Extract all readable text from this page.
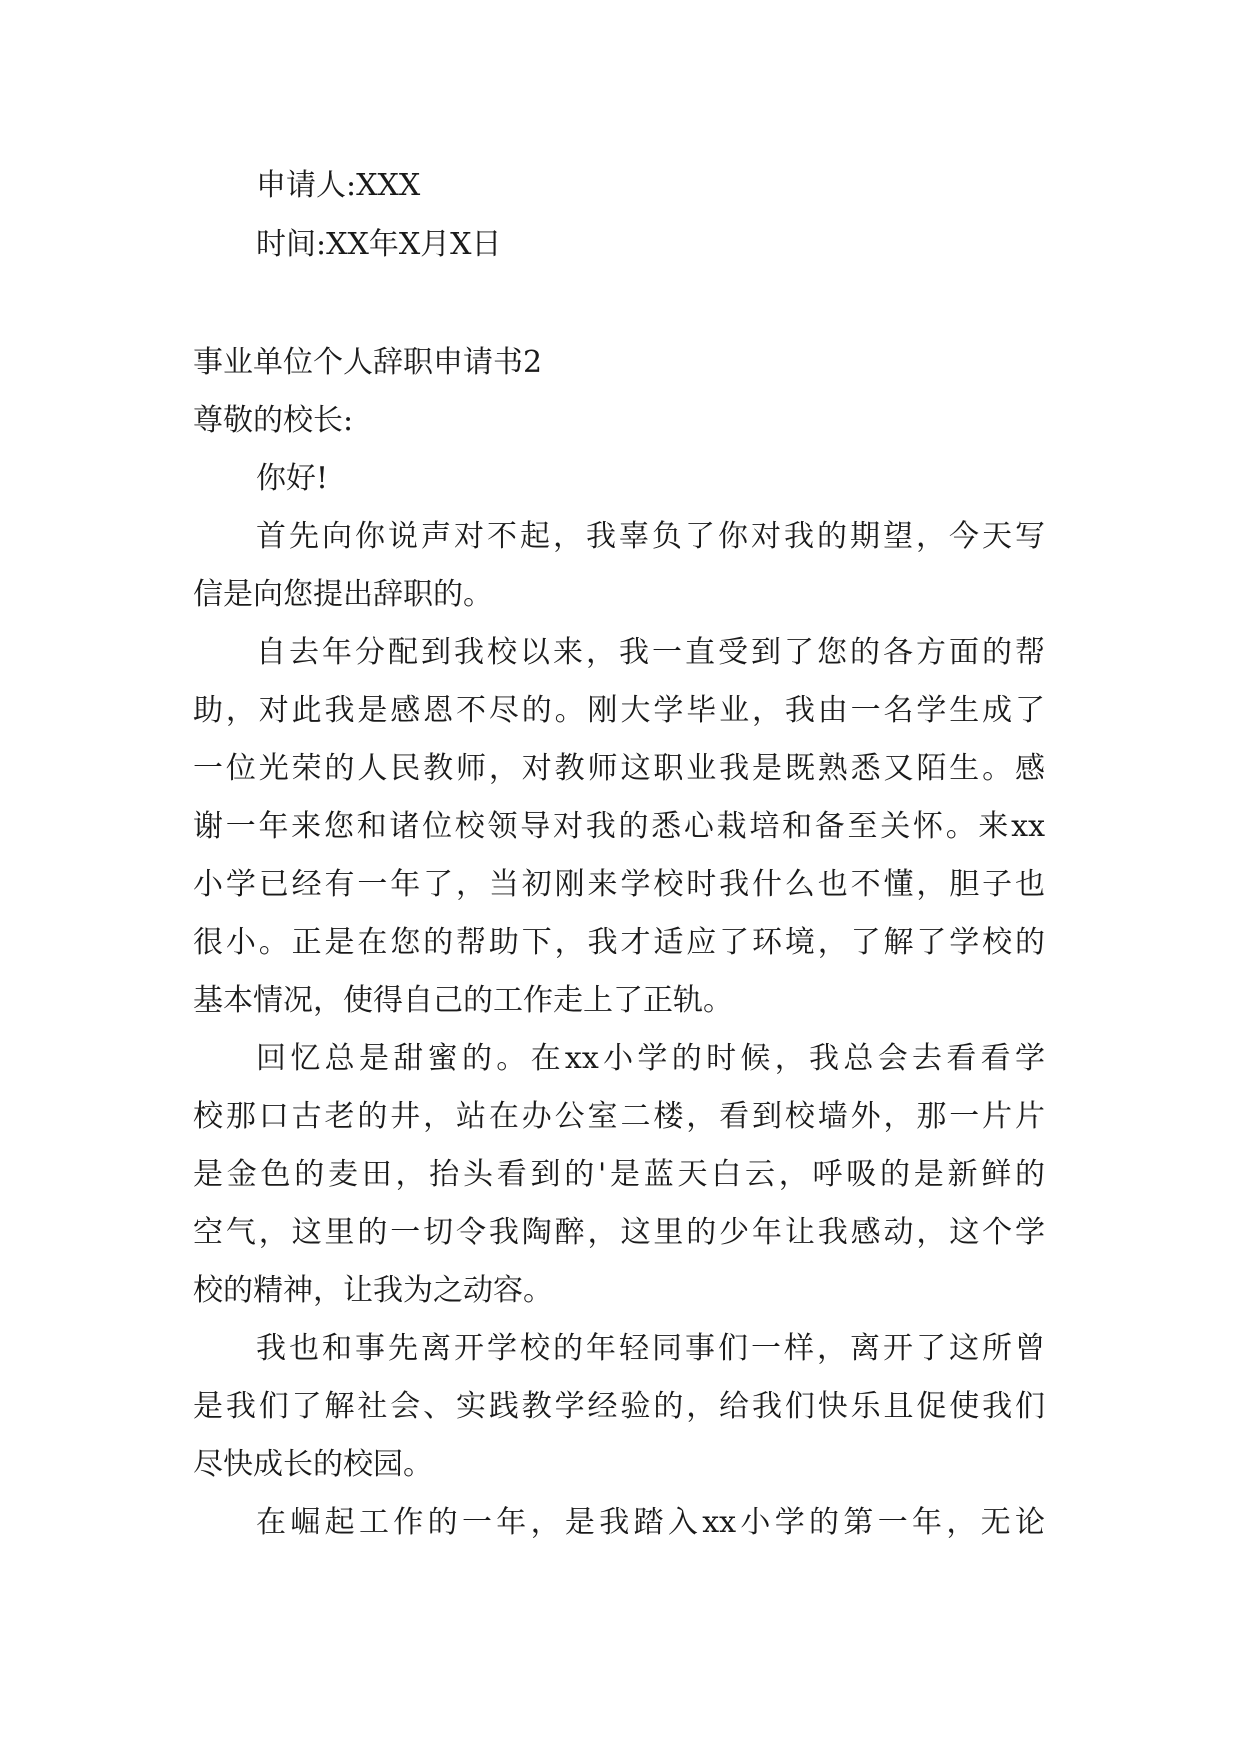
申请人:XXX
时间:XX年X月X日
事业单位个人辞职申请书2
尊敬的校长:
你好!
首先向你说声对不起，我辜负了你对我的期望，今天写
信是向您提出辞职的。
自去年分配到我校以来，我一直受到了您的各方面的帮
助，对此我是感恩不尽的。刚大学毕业，我由一名学生成了
一位光荣的人民教师，对教师这职业我是既熟悉又陌生。感
谢一年来您和诸位校领导对我的悉心栽培和备至关怀。来xx
小学已经有一年了，当初刚来学校时我什么也不懂，胆子也
很小。正是在您的帮助下，我才适应了环境，了解了学校的
基本情况，使得自己的工作走上了正轨。
回忆总是甜蜜的。在xx小学的时候，我总会去看看学
校那口古老的井，站在办公室二楼，看到校墙外，那一片片
是金色的麦田，抬头看到的'是蓝天白云，呼吸的是新鲜的
空气，这里的一切令我陶醉，这里的少年让我感动，这个学
校的精神，让我为之动容。
我也和事先离开学校的年轻同事们一样，离开了这所曾
是我们了解社会、实践教学经验的，给我们快乐且促使我们
尽快成长的校园。
在崛起工作的一年，是我踏入xx小学的第一年，无论
